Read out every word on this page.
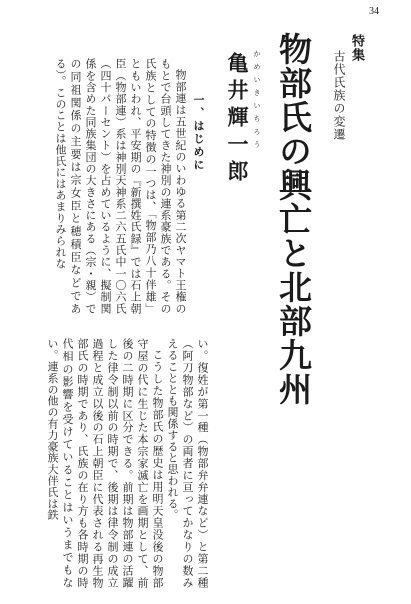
34
特集
古代氏族の変遷
物部氏の興亡と北部九州
かめいきいちろう
亀井輝一郎
一、はじめに

物部連は五世紀のいわゆる第二次ヤマト王権のもとで台頭してきた神別の連系豪族である。その氏族としての特徴の一つは、「物部乃八十伴雄」ともいわれ、平安期の『新撰姓氏録』では石上朝臣（物部連）系は神別天神系二六五氏中一〇六氏（四十パーセント）を占めているように、擬制関係を含めた同族集団の大きさにある（宗・親）での同祖関係の主要は宗女臣と穂積臣などである）。このことは他氏にはあまりみられな

い。復姓が第一種（物部弁弁連など）と第二種（阿刀物部など）の両者に亘ってかなりの数みえることとも関係すると思われる。

こうした物部氏の歴史は用明天皇没後の物部守屋の代に生じた本宗家滅亡を画期として、前後の二時期に区分できる。前期は物部連の活躍した律令制以前の時期で、後期は律令制の成立過程と成立以後の石上朝臣に代表される再生物部氏の時期であり、氏族の在り方も各時期の時代相の影響を受けていることはいうまでもない。連系の他の有力豪族大伴氏は鉄
